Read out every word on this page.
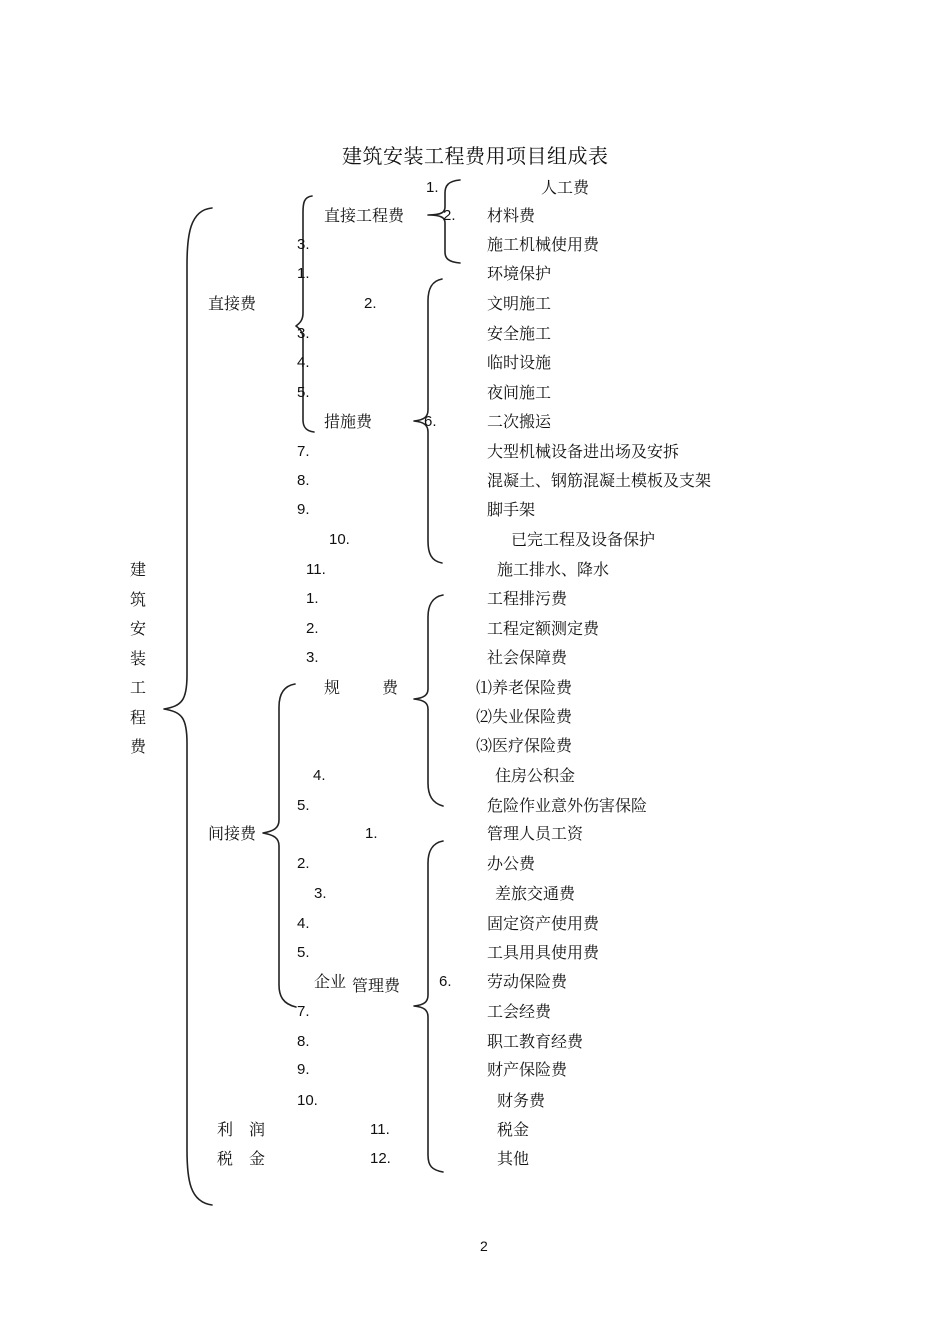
建筑安装工程费用项目组成表
建
筑
安
装
工
程
费
直接费
间接费
利　润
税　金
直接工程费
措施费
规	费
企业 管理费
1.	人工费
2. 材料费
3.	施工机械使用费
1.	环境保护
2.	文明施工
3.	安全施工
4.	临时设施
5.	夜间施工
6.	二次搬运
7.	大型机械设备进出场及安拆
8.	混凝土、钢筋混凝土模板及支架
9.	脚手架
10.	已完工程及设备保护
11.	施工排水、降水
1.	工程排污费
2.	工程定额测定费
3.	社会保障费
⑴养老保险费
⑵失业保险费
⑶医疗保险费
4.	住房公积金
5.	危险作业意外伤害保险
1.	管理人员工资
2.	办公费
3.	差旅交通费
4.	固定资产使用费
5.	工具用具使用费
6. 劳动保险费
7.	工会经费
8.	职工教育经费
9.	财产保险费
10.	财务费
11.	税金
12.	其他
2
